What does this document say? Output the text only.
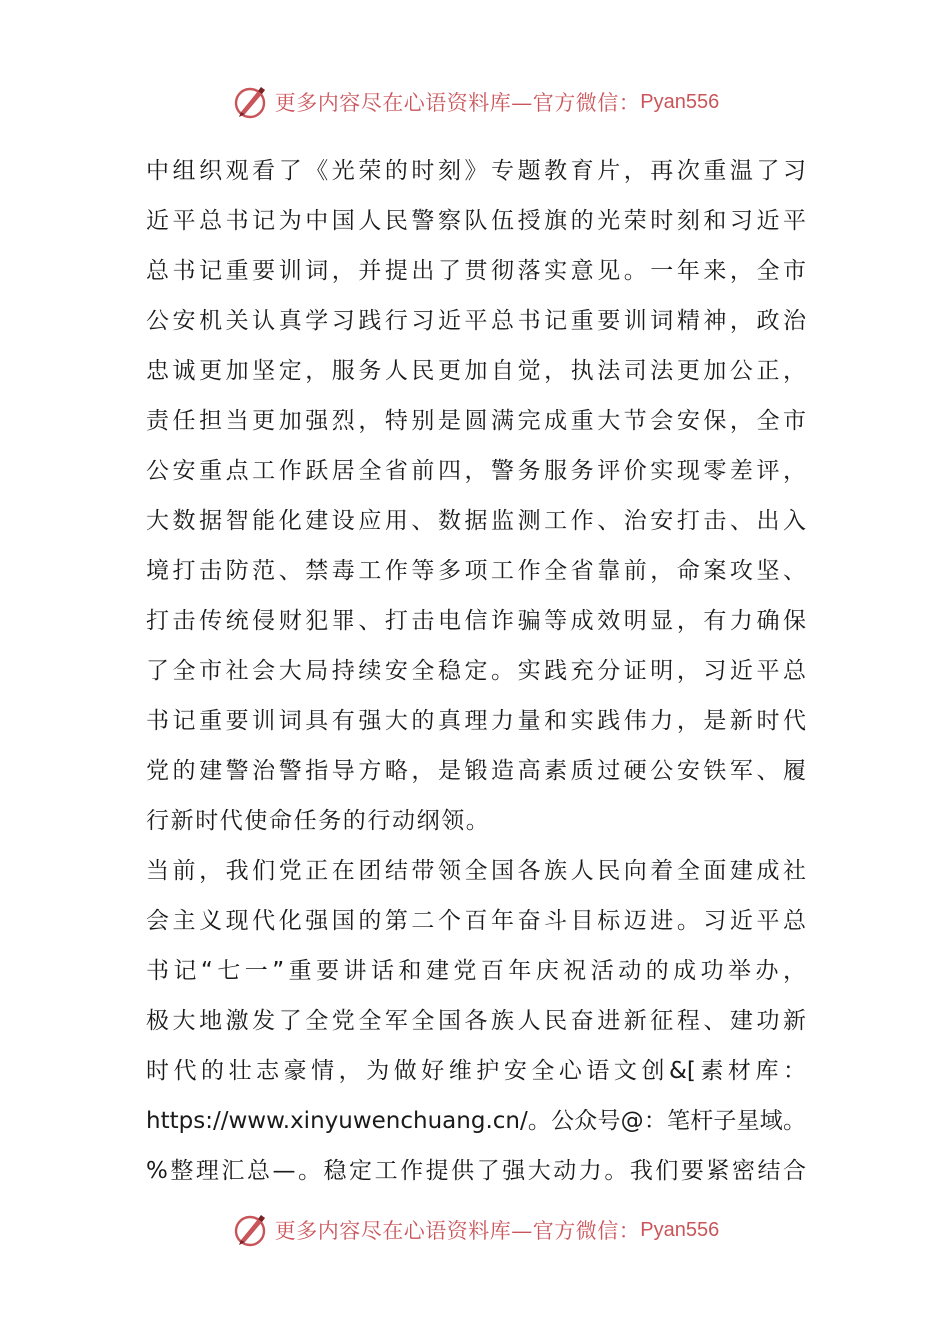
更多内容尽在心语资料库—官方微信： Pyan556
中组织观看了《光荣的时刻》专题教育片，再次重温了习
近平总书记为中国人民警察队伍授旗的光荣时刻和习近平
总书记重要训词，并提出了贯彻落实意见。一年来，全市
公安机关认真学习践行习近平总书记重要训词精神，政治
忠诚更加坚定，服务人民更加自觉，执法司法更加公正，
责任担当更加强烈，特别是圆满完成重大节会安保，全市
公安重点工作跃居全省前四，警务服务评价实现零差评，
大数据智能化建设应用、数据监测工作、治安打击、出入
境打击防范、禁毒工作等多项工作全省靠前，命案攻坚、
打击传统侵财犯罪、打击电信诈骗等成效明显，有力确保
了全市社会大局持续安全稳定。实践充分证明，习近平总
书记重要训词具有强大的真理力量和实践伟力，是新时代
党的建警治警指导方略，是锻造高素质过硬公安铁军、履
行新时代使命任务的行动纲领。
当前，我们党正在团结带领全国各族人民向着全面建成社
会主义现代化强国的第二个百年奋斗目标迈进。习近平总
书记“七一”重要讲话和建党百年庆祝活动的成功举办，
极大地激发了全党全军全国各族人民奋进新征程、建功新
时代的壮志豪情，为做好维护安全心语文创&[素材库：
https://www.xinyuwenchuang.cn/。公众号@：笔杆子星域。
%整理汇总—。稳定工作提供了强大动力。我们要紧密结合
更多内容尽在心语资料库—官方微信： Pyan556
